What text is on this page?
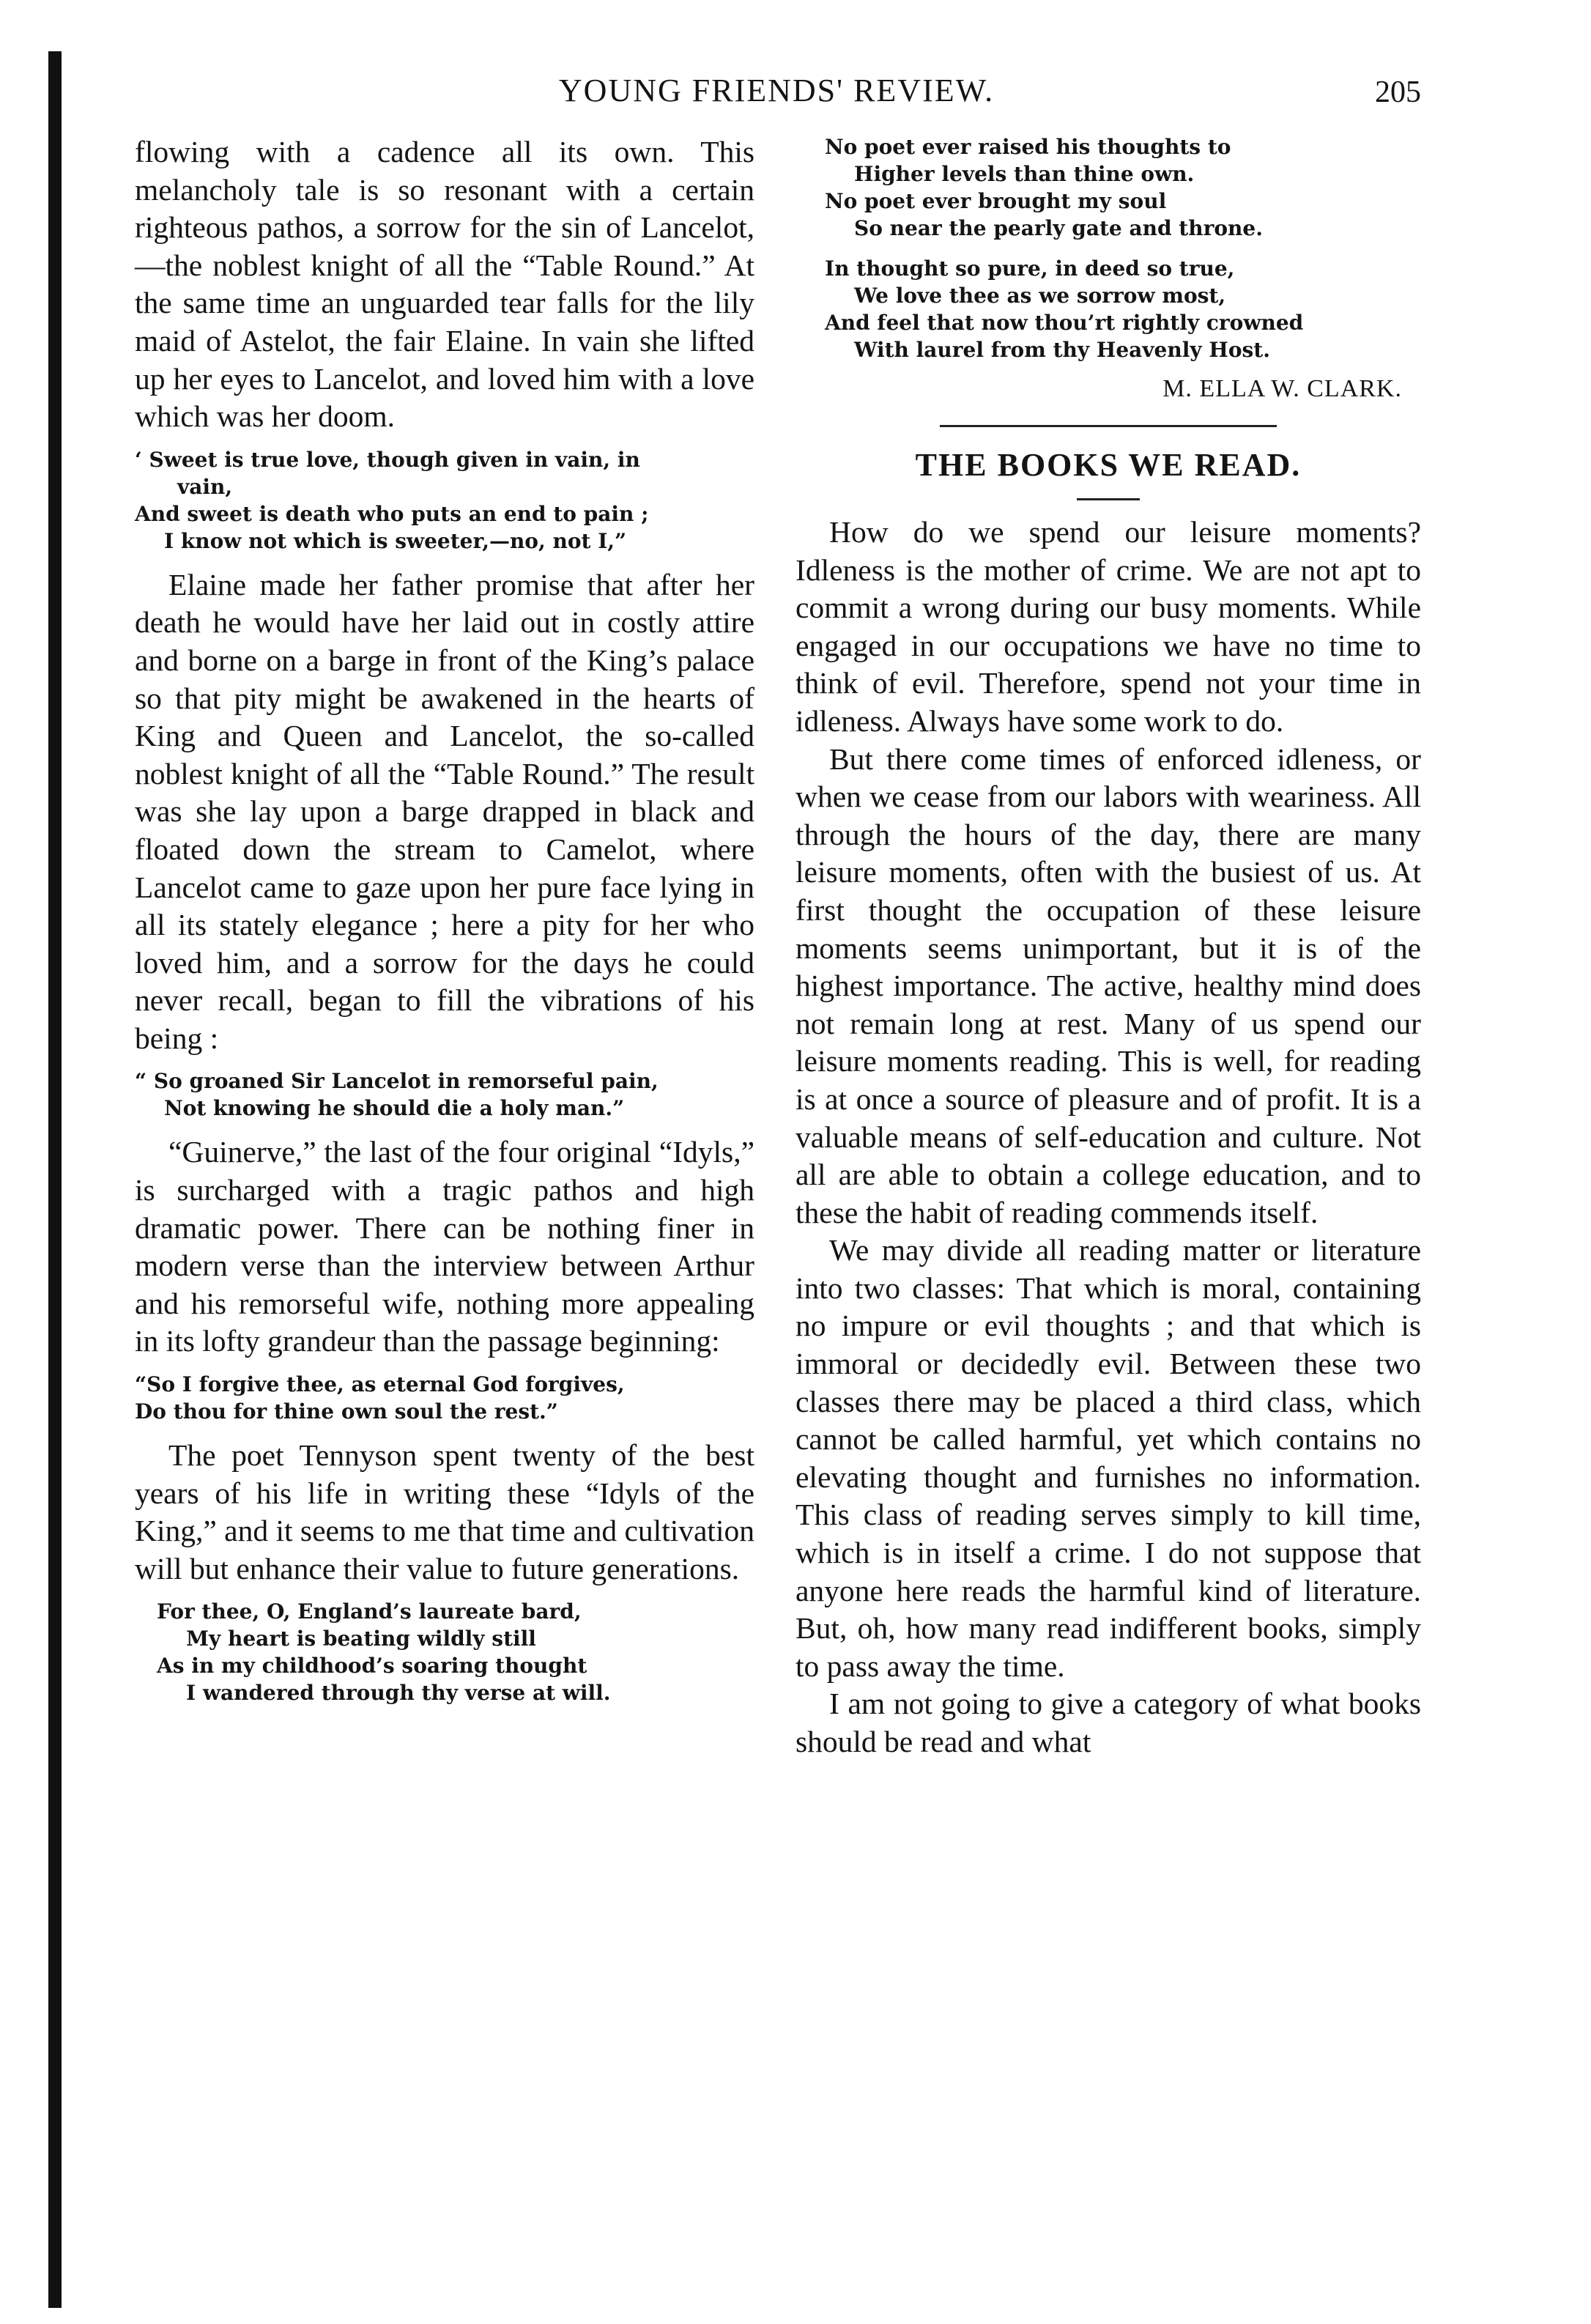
YOUNG FRIENDS' REVIEW.	205

flowing with a cadence all its own. This melancholy tale is so resonant with a certain righteous pathos, a sorrow for the sin of Lancelot,—the noblest knight of all the “Table Round.” At the same time an unguarded tear falls for the lily maid of Astelot, the fair Elaine. In vain she lifted up her eyes to Lancelot, and loved him with a love which was her doom.

‘ Sweet is true love, though given in vain, in
vain,
And sweet is death who puts an end to pain ;
I know not which is sweeter,—no, not I,”

Elaine made her father promise that after her death he would have her laid out in costly attire and borne on a barge in front of the King’s palace so that pity might be awakened in the hearts of King and Queen and Lancelot, the so-called noblest knight of all the “Table Round.” The result was she lay upon a barge drapped in black and floated down the stream to Camelot, where Lancelot came to gaze upon her pure face lying in all its stately elegance ; here a pity for her who loved him, and a sorrow for the days he could never recall, began to fill the vibrations of his being :

“ So groaned Sir Lancelot in remorseful pain,
Not knowing he should die a holy man.”

“Guinerve,” the last of the four original “Idyls,” is surcharged with a tragic pathos and high dramatic power. There can be nothing finer in modern verse than the interview between Arthur and his remorseful wife, nothing more appealing in its lofty grandeur than the passage beginning:

“So I forgive thee, as eternal God forgives,
Do thou for thine own soul the rest.”

The poet Tennyson spent twenty of the best years of his life in writing these “Idyls of the King,” and it seems to me that time and cultivation will but enhance their value to future generations.

For thee, O, England’s laureate bard,
My heart is beating wildly still
As in my childhood’s soaring thought
I wandered through thy verse at will.
No poet ever raised his thoughts to
Higher levels than thine own.
No poet ever brought my soul
So near the pearly gate and throne.
In thought so pure, in deed so true,
We love thee as we sorrow most,
And feel that now thou’rt rightly crowned
With laurel from thy Heavenly Host.
M. ELLA W. CLARK.
THE BOOKS WE READ.

How do we spend our leisure moments? Idleness is the mother of crime. We are not apt to commit a wrong during our busy moments. While engaged in our occupations we have no time to think of evil. Therefore, spend not your time in idleness. Always have some work to do.

But there come times of enforced idleness, or when we cease from our labors with weariness. All through the hours of the day, there are many leisure moments, often with the busiest of us. At first thought the occupation of these leisure moments seems unimportant, but it is of the highest importance. The active, healthy mind does not remain long at rest. Many of us spend our leisure moments reading. This is well, for reading is at once a source of pleasure and of profit. It is a valuable means of self-education and culture. Not all are able to obtain a college education, and to these the habit of reading commends itself.

We may divide all reading matter or literature into two classes: That which is moral, containing no impure or evil thoughts ; and that which is immoral or decidedly evil. Between these two classes there may be placed a third class, which cannot be called harmful, yet which contains no elevating thought and furnishes no information. This class of reading serves simply to kill time, which is in itself a crime. I do not suppose that anyone here reads the harmful kind of literature. But, oh, how many read indifferent books, simply to pass away the time.

I am not going to give a category of what books should be read and what
